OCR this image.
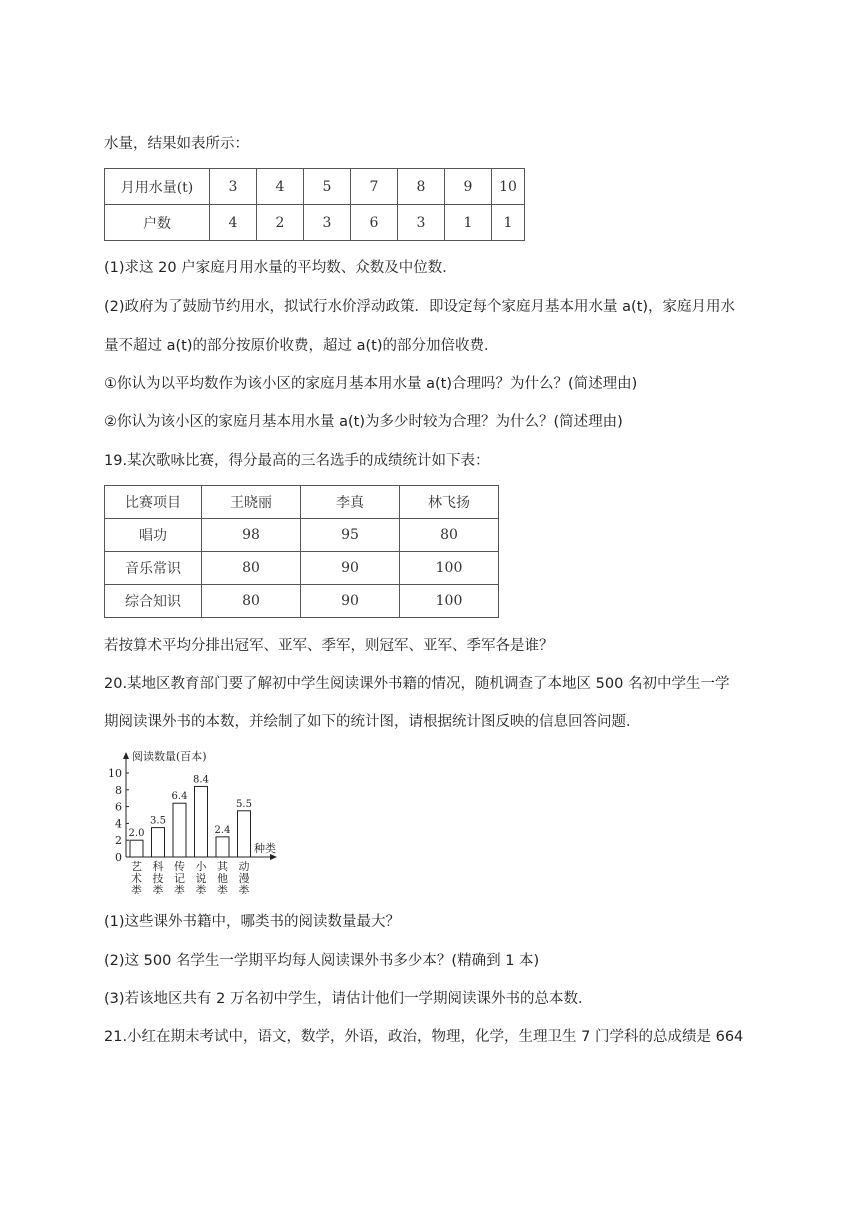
水量，结果如表所示：
月用水量(t)	3	4	5	7	8	9	10
户数	4	2	3	6	3	1	1
(1)求这 20 户家庭月用水量的平均数、众数及中位数．
(2)政府为了鼓励节约用水，拟试行水价浮动政策．即设定每个家庭月基本用水量 a(t)，家庭月用水
量不超过 a(t)的部分按原价收费，超过 a(t)的部分加倍收费．
①你认为以平均数作为该小区的家庭月基本用水量 a(t)合理吗？为什么？(简述理由)
②你认为该小区的家庭月基本用水量 a(t)为多少时较为合理？为什么？(简述理由)
19.某次歌咏比赛，得分最高的三名选手的成绩统计如下表：
比赛项目	王晓丽	李真	林飞扬
唱功	98	95	80
音乐常识	80	90	100
综合知识	80	90	100
若按算术平均分排出冠军、亚军、季军，则冠军、亚军、季军各是谁？
20.某地区教育部门要了解初中学生阅读课外书籍的情况，随机调查了本地区 500 名初中学生一学
期阅读课外书的本数，并绘制了如下的统计图，请根据统计图反映的信息回答问题．
阅读数量(百本)
种类
2.0
艺术类
3.5
科技类
6.4
传记类
8.4
小说类
2.4
其他类
5.5
动漫类
0
2
4
6
8
10
(1)这些课外书籍中，哪类书的阅读数量最大？
(2)这 500 名学生一学期平均每人阅读课外书多少本？(精确到 1 本)
(3)若该地区共有 2 万名初中学生，请估计他们一学期阅读课外书的总本数．
21.小红在期末考试中，语文，数学，外语，政治，物理，化学，生理卫生 7 门学科的总成绩是 664
